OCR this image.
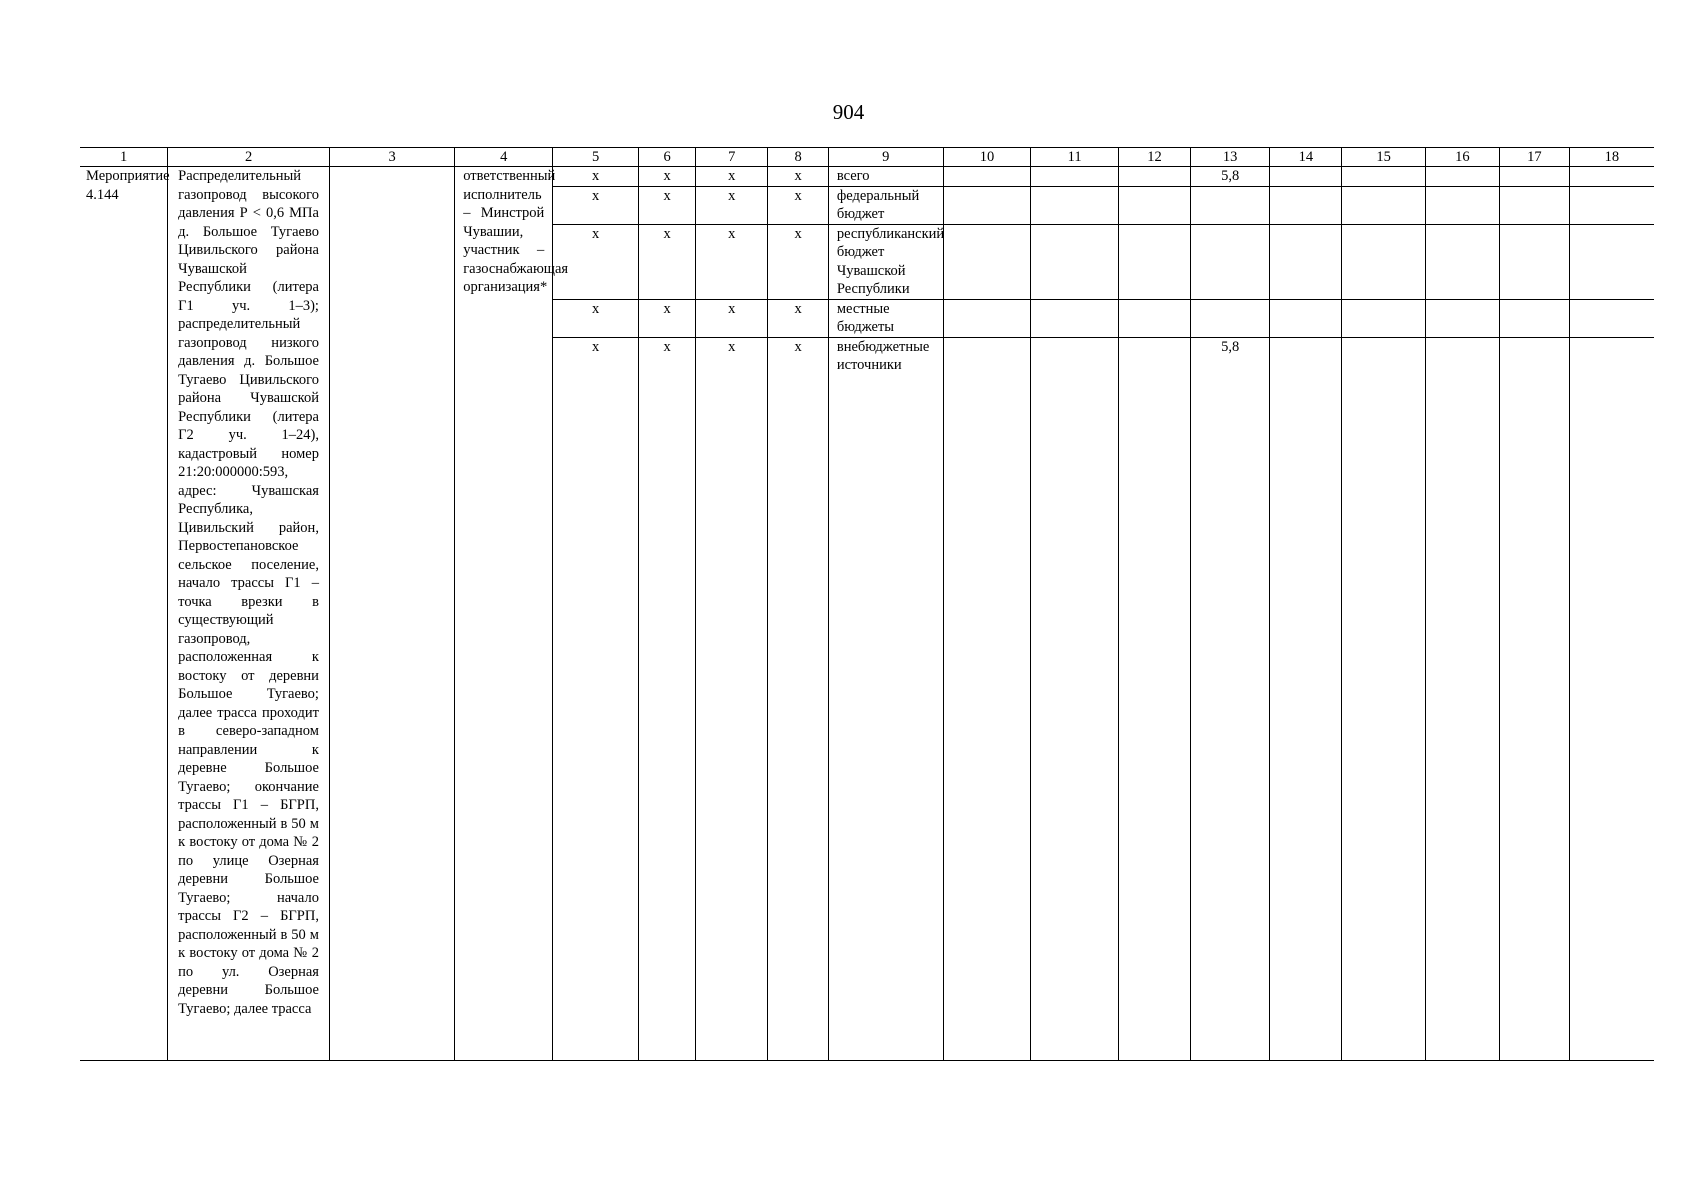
904
1	2	3	4	5	6	7	8	9	10	11	12	13	14	15	16	17	18
Мероприятие 4.144	Распределительный газопровод высокого давления Р < 0,6 МПа д. Большое Тугаево Цивильского района Чувашской Республики (литера Г1 уч. 1–3); распределительный газопровод низкого давления д. Большое Тугаево Цивильского района Чувашской Республики (литера Г2 уч. 1–24), кадастровый номер 21:20:000000:593, адрес: Чувашская Республика, Цивильский район, Первостепановское сельское поселение, начало трассы Г1 – точка врезки в существующий газопровод, расположенная к востоку от деревни Большое Тугаево; далее трасса проходит в северо-западном направлении к деревне Большое Тугаево; окончание трассы Г1 – БГРП, расположенный в 50 м к востоку от дома № 2 по улице Озерная деревни Большое Тугаево; начало трассы Г2 – БГРП, расположенный в 50 м к востоку от дома № 2 по ул. Озерная деревни Большое Тугаево; далее трасса		ответственный исполнитель – Минстрой Чувашии, участник – газоснабжающая организация*	х	х	х	х	всего				5,8					
				х	х	х	х	федеральный бюджет									
				х	х	х	х	республиканский бюджет Чувашской Республики									
				х	х	х	х	местные бюджеты									
				х	х	х	х	внебюджетные источники				5,8					
